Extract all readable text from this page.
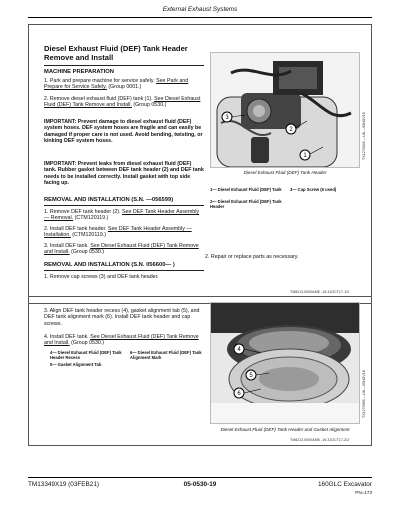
External Exhaust Systems
Diesel Exhaust Fluid (DEF) Tank Header Remove and Install
MACHINE PREPARATION
1. Park and prepare machine for service safely. See Park and Prepare for Service Safely. (Group 0001.)
2. Remove diesel exhaust fluid (DEF) tank (1). See Diesel Exhaust Fluid (DEF) Tank Remove and Install. (Group 0530.)
IMPORTANT: Prevent damage to diesel exhaust fluid (DEF) system hoses. DEF system hoses are fragile and can easily be damaged if proper care is not used. Avoid bending, twisting, or kinking DEF system hoses.
IMPORTANT: Prevent leaks from diesel exhaust fluid (DEF) tank. Rubber gasket between DEF tank header (2) and DEF tank needs to be installed correctly. Install gasket with top side facing up.
REMOVAL AND INSTALLATION (S.N. —056599)
1. Remove DEF tank header (2). See DEF Tank Header Assembly — Removal. (CTM120119.)
2. Install DEF tank header. See DEF Tank Header Assembly — Installation. (CTM120119.)
3. Install DEF tank. See Diesel Exhaust Fluid (DEF) Tank Remove and Install. (Group 0530.)
REMOVAL AND INSTALLATION (S.N. 056600— )
1. Remove cap screws (3) and DEF tank header.
2. Repair or replace parts as necessary.
3
2
1	TX1276926 —UN—05NOV18
Diesel Exhaust Fluid (DEF) Tank Header
1— Diesel Exhaust Fluid (DEF) Tank	3— Cap Screw (6 used)
2— Diesel Exhaust Fluid (DEF) Tank Header
TM8213,0000AME -19-31OCT17-1/2
3. Align DEF tank header recess (4), gasket alignment tab (5), and DEF tank alignment mark (6). Install DEF tank header and cap screws.
4. Install DEF tank. See Diesel Exhaust Fluid (DEF) Tank Remove and Install. (Group 0530.)
4— Diesel Exhaust Fluid (DEF) Tank Header Recess
6— Diesel Exhaust Fluid (DEF) Tank Alignment Mark
5— Gasket Alignment Tab
4
5
6	TX1276965 —UN—05NOV18
Diesel Exhaust Fluid (DEF) Tank Header and Gasket Alignment
TM8213,0000AME -19-31OCT17-2/2
TM13349X19 (03FEB21)	05-0530-19	160GLC Excavator
PN=173
